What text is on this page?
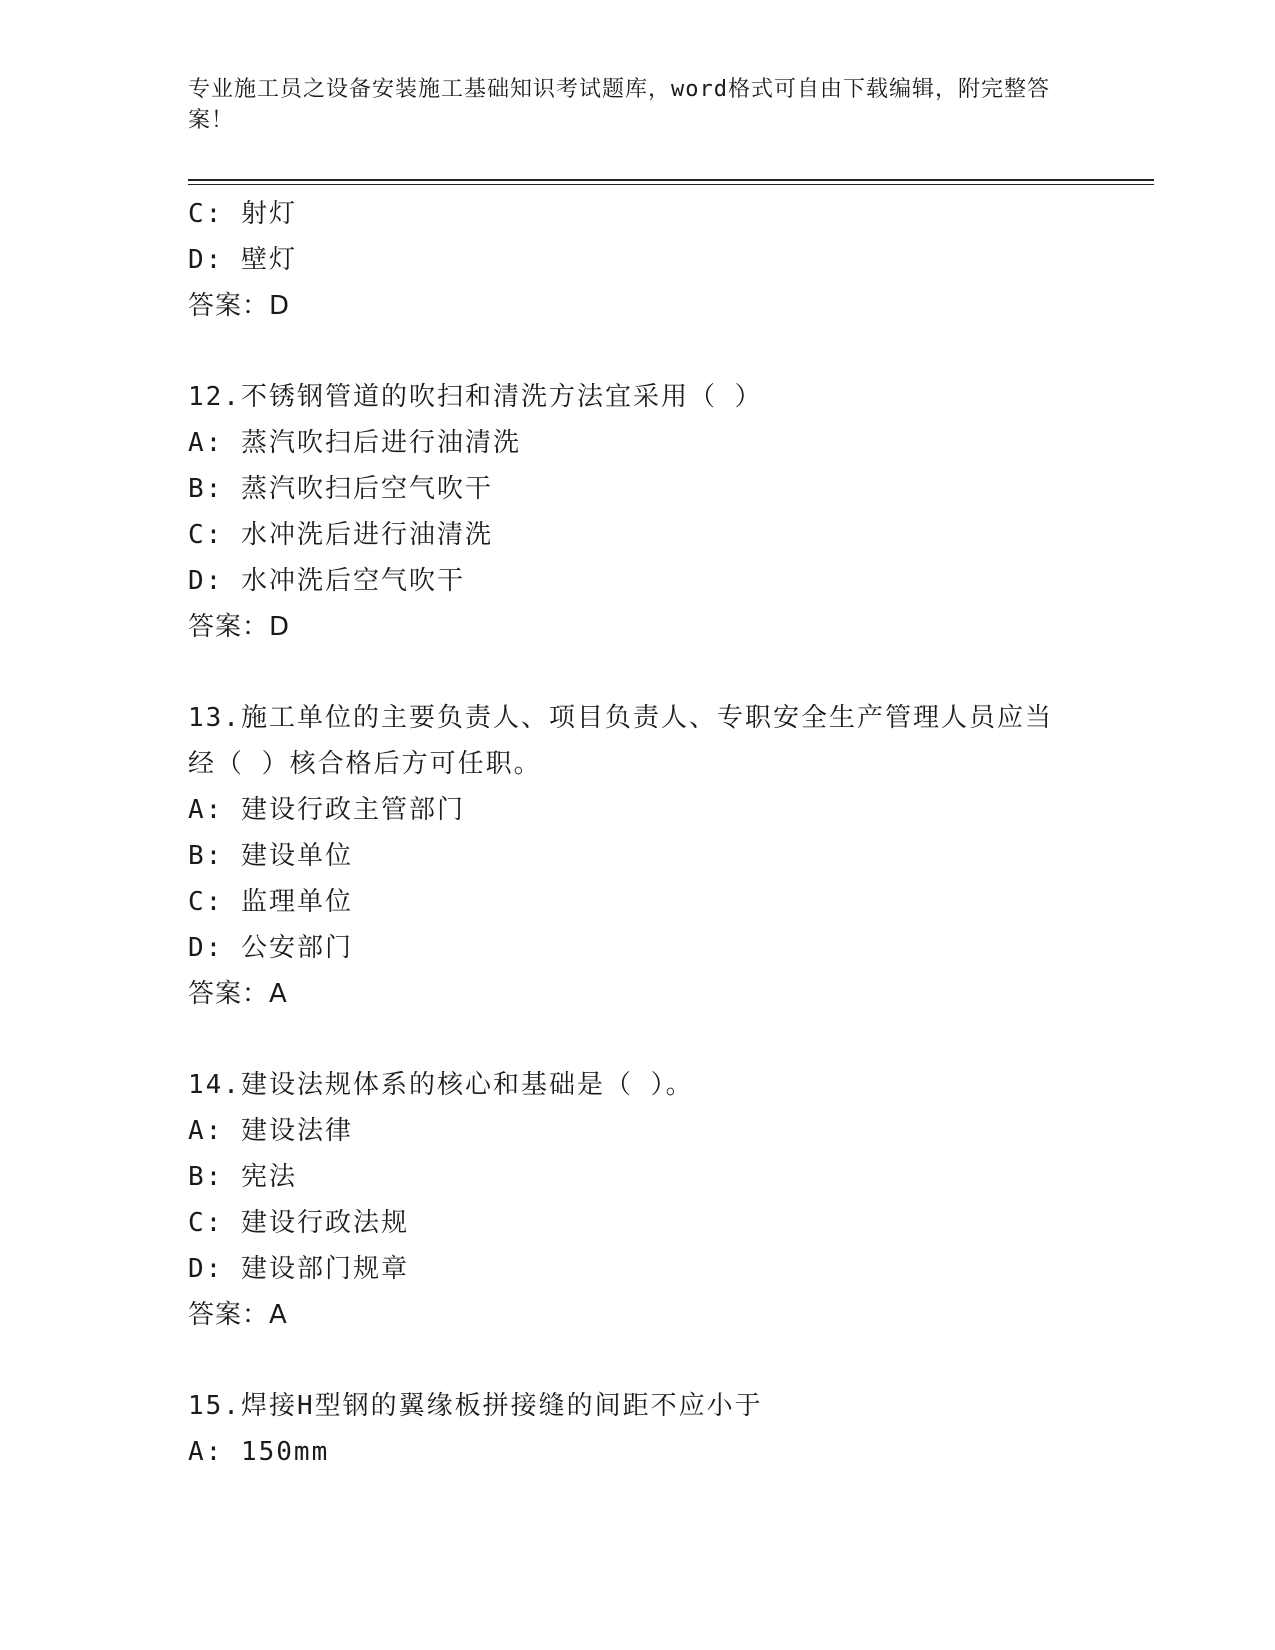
专业施工员之设备安装施工基础知识考试题库，word格式可自由下载编辑，附完整答案！
C: 射灯
D: 壁灯
答案：D
12.不锈钢管道的吹扫和清洗方法宜采用（ ）
A: 蒸汽吹扫后进行油清洗
B: 蒸汽吹扫后空气吹干
C: 水冲洗后进行油清洗
D: 水冲洗后空气吹干
答案：D
13.施工单位的主要负责人、项目负责人、专职安全生产管理人员应当
经（ ）核合格后方可任职。
A: 建设行政主管部门
B: 建设单位
C: 监理单位
D: 公安部门
答案：A
14.建设法规体系的核心和基础是（ ）。
A: 建设法律
B: 宪法
C: 建设行政法规
D: 建设部门规章
答案：A
15.焊接H型钢的翼缘板拼接缝的间距不应小于
A: 150mm
